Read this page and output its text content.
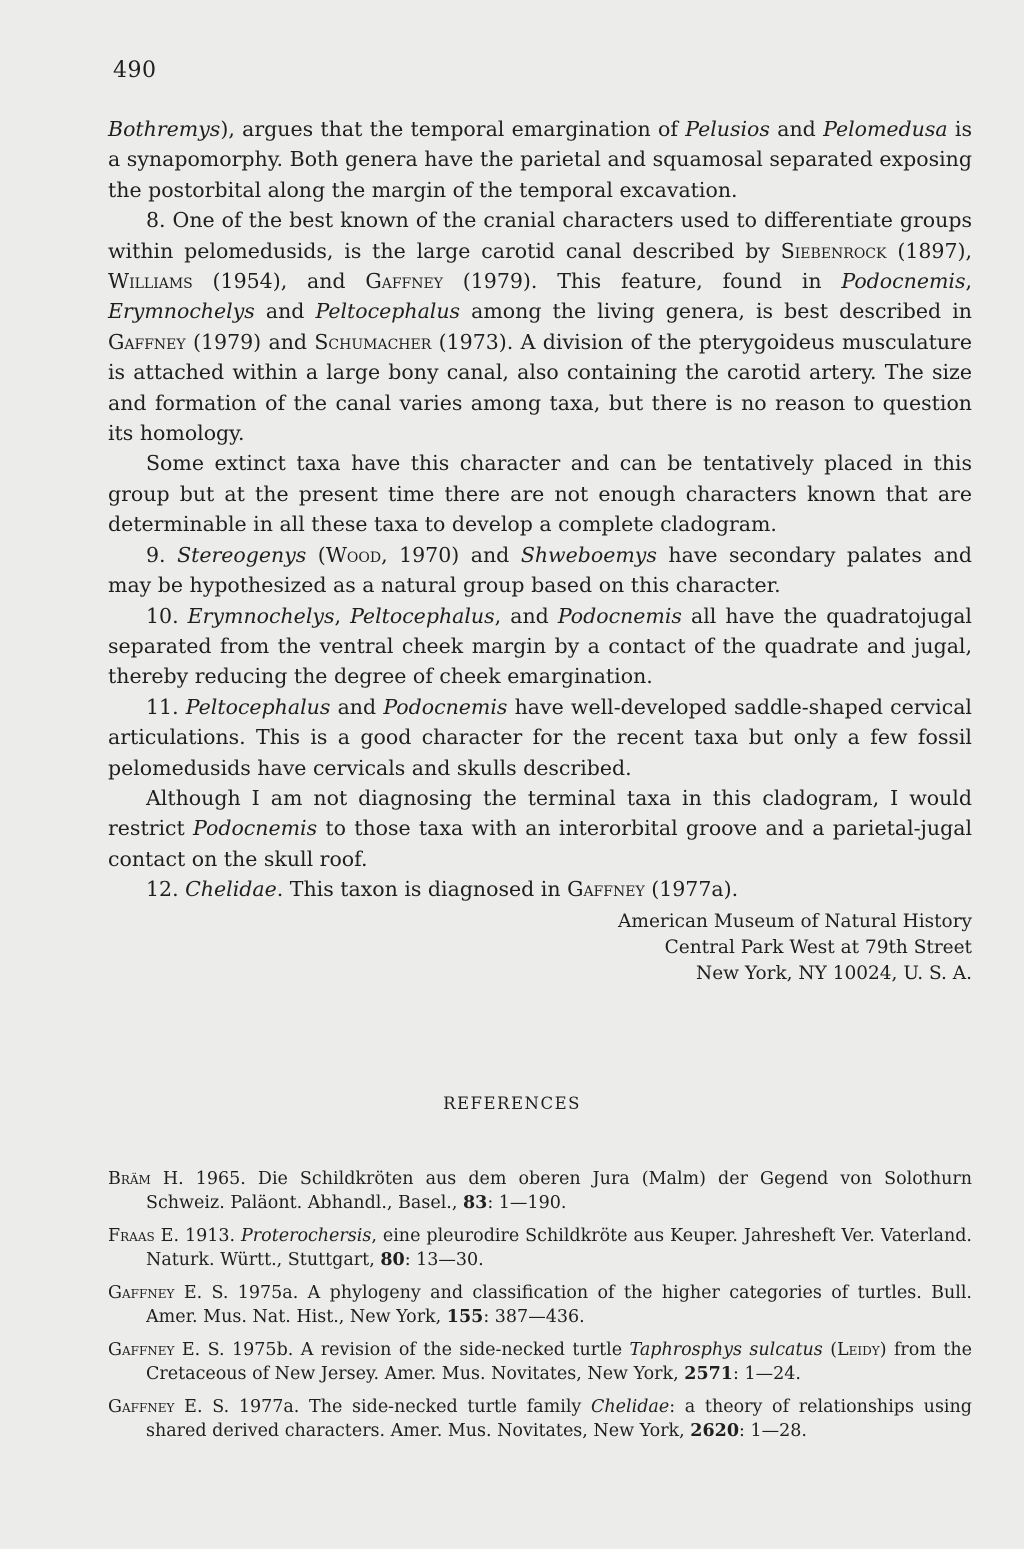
490

Bothremys), argues that the temporal emargination of Pelusios and Pelomedusa is a synapomorphy. Both genera have the parietal and squamosal separated exposing the postorbital along the margin of the temporal excavation.

8. One of the best known of the cranial characters used to differentiate groups within pelomedusids, is the large carotid canal described by Siebenrock (1897), Williams (1954), and Gaffney (1979). This feature, found in Podocnemis, Erymnochelys and Peltocephalus among the living genera, is best described in Gaffney (1979) and Schumacher (1973). A division of the pterygoideus musculature is attached within a large bony canal, also containing the carotid artery. The size and formation of the canal varies among taxa, but there is no reason to question its homology.

Some extinct taxa have this character and can be tentatively placed in this group but at the present time there are not enough characters known that are determinable in all these taxa to develop a complete cladogram.

9. Stereogenys (Wood, 1970) and Shweboemys have secondary palates and may be hypothesized as a natural group based on this character.

10. Erymnochelys, Peltocephalus, and Podocnemis all have the quadratojugal separated from the ventral cheek margin by a contact of the quadrate and jugal, thereby reducing the degree of cheek emargination.

11. Peltocephalus and Podocnemis have well-developed saddle-shaped cervical articulations. This is a good character for the recent taxa but only a few fossil pelomedusids have cervicals and skulls described.

Although I am not diagnosing the terminal taxa in this cladogram, I would restrict Podocnemis to those taxa with an interorbital groove and a parietal-jugal contact on the skull roof.

12. Chelidae. This taxon is diagnosed in Gaffney (1977a).

American Museum of Natural History
Central Park West at 79th Street
New York, NY 10024, U. S. A.
REFERENCES
Bräm H. 1965. Die Schildkröten aus dem oberen Jura (Malm) der Gegend von Solothurn Schweiz. Paläont. Abhandl., Basel., 83: 1—190.
Fraas E. 1913. Proterochersis, eine pleurodire Schildkröte aus Keuper. Jahresheft Ver. Vaterland. Naturk. Württ., Stuttgart, 80: 13—30.
Gaffney E. S. 1975a. A phylogeny and classification of the higher categories of turtles. Bull. Amer. Mus. Nat. Hist., New York, 155: 387—436.
Gaffney E. S. 1975b. A revision of the side-necked turtle Taphrosphys sulcatus (Leidy) from the Cretaceous of New Jersey. Amer. Mus. Novitates, New York, 2571: 1—24.
Gaffney E. S. 1977a. The side-necked turtle family Chelidae: a theory of relationships using shared derived characters. Amer. Mus. Novitates, New York, 2620: 1—28.
